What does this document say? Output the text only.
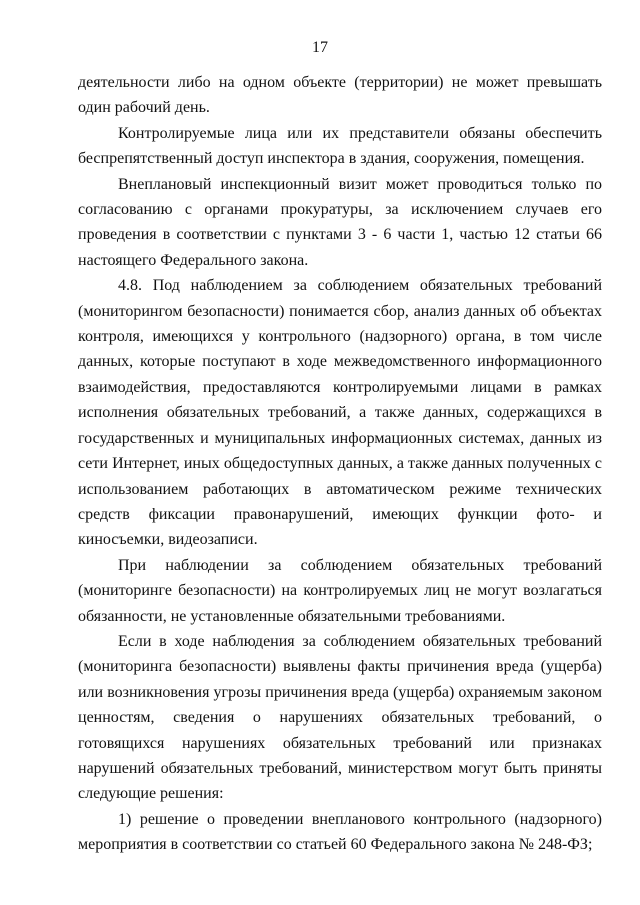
17

деятельности либо на одном объекте (территории) не может превышать один рабочий день.

Контролируемые лица или их представители обязаны обеспечить беспрепятственный доступ инспектора в здания, сооружения, помещения.

Внеплановый инспекционный визит может проводиться только по согласованию с органами прокуратуры, за исключением случаев его проведения в соответствии с пунктами 3 - 6 части 1, частью 12 статьи 66 настоящего Федерального закона.

4.8. Под наблюдением за соблюдением обязательных требований (мониторингом безопасности) понимается сбор, анализ данных об объектах контроля, имеющихся у контрольного (надзорного) органа, в том числе данных, которые поступают в ходе межведомственного информационного взаимодействия, предоставляются контролируемыми лицами в рамках исполнения обязательных требований, а также данных, содержащихся в государственных и муниципальных информационных системах, данных из сети Интернет, иных общедоступных данных, а также данных полученных с использованием работающих в автоматическом режиме технических средств фиксации правонарушений, имеющих функции фото- и киносъемки, видеозаписи.

При наблюдении за соблюдением обязательных требований (мониторинге безопасности) на контролируемых лиц не могут возлагаться обязанности, не установленные обязательными требованиями.

Если в ходе наблюдения за соблюдением обязательных требований (мониторинга безопасности) выявлены факты причинения вреда (ущерба) или возникновения угрозы причинения вреда (ущерба) охраняемым законом ценностям, сведения о нарушениях обязательных требований, о готовящихся нарушениях обязательных требований или признаках нарушений обязательных требований, министерством могут быть приняты следующие решения:

1) решение о проведении внепланового контрольного (надзорного) мероприятия в соответствии со статьей 60 Федерального закона № 248-ФЗ;
